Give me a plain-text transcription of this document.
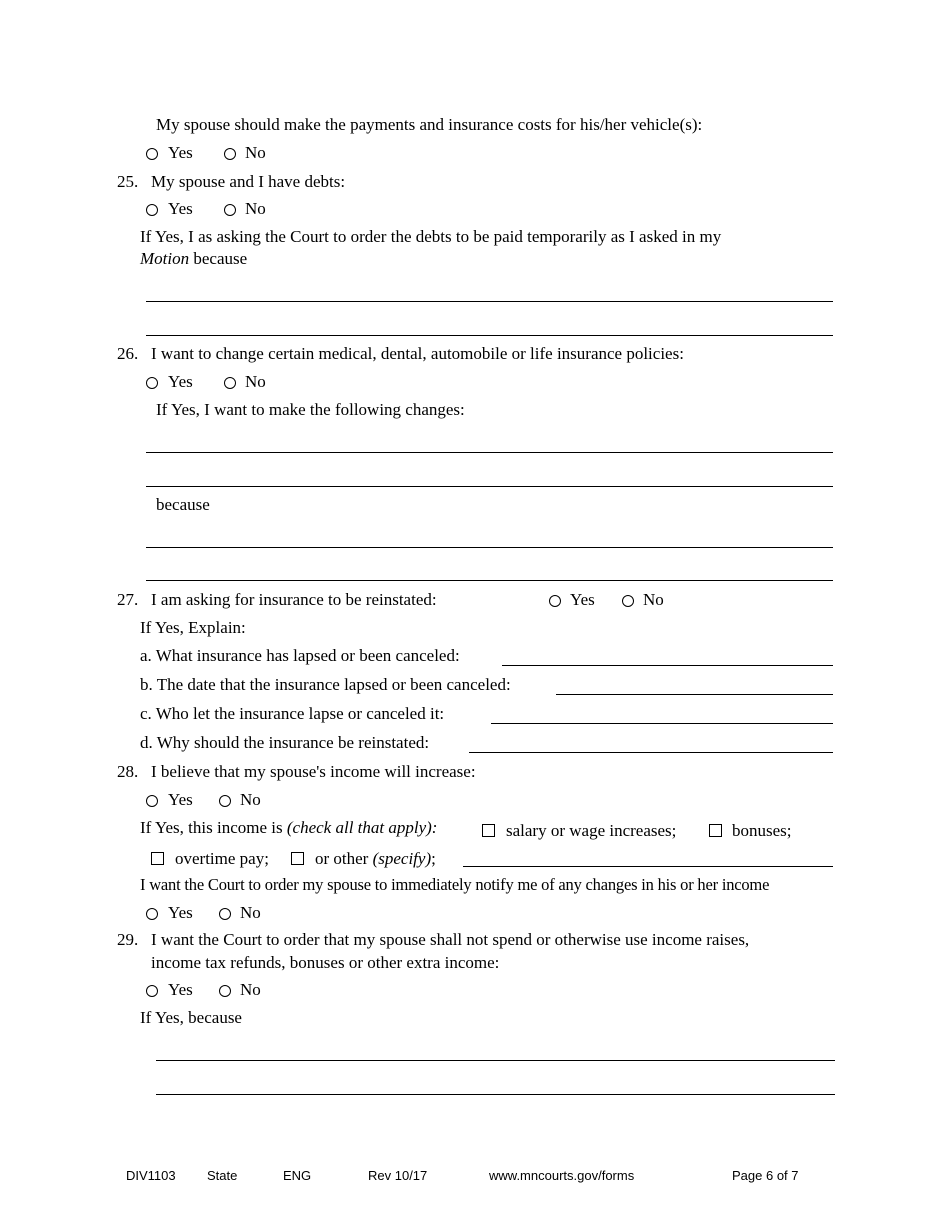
My spouse should make the payments and insurance costs for his/her vehicle(s):
Yes	No
25. My spouse and I have debts:
Yes	No
If Yes, I as asking the Court to order the debts to be paid temporarily as I asked in my
Motion because
26. I want to change certain medical, dental, automobile or life insurance policies:
Yes	No
If Yes, I want to make the following changes:
because
27. I am asking for insurance to be reinstated:	Yes	No
If Yes, Explain:
a. What insurance has lapsed or been canceled:
b. The date that the insurance lapsed or been canceled:
c. Who let the insurance lapse or canceled it:
d. Why should the insurance be reinstated:
28. I believe that my spouse's income will increase:
Yes	No
If Yes, this income is (check all that apply):	salary or wage increases;	bonuses;
overtime pay;	or other (specify);
I want the Court to order my spouse to immediately notify me of any changes in his or her income
Yes	No
29. I want the Court to order that my spouse shall not spend or otherwise use income raises,
income tax refunds, bonuses or other extra income:
Yes	No
If Yes, because
DIV1103 State	ENG	Rev 10/17	www.mncourts.gov/forms	Page 6 of 7
